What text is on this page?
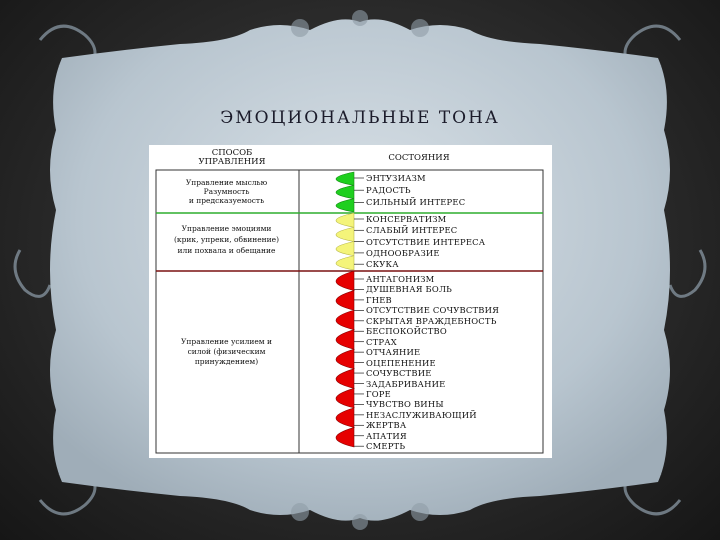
ЭМОЦИОНАЛЬНЫЕ ТОНА
СПОСОБ
УПРАВЛЕНИЯ	СОСТОЯНИЯ
Управление мыслью
Разумность
и предсказуемость
Управление эмоциями
(крик, упреки, обвинение)
или похвала и обещание
Управление усилием и
силой (физическим
принуждением)
ЭНТУЗИАЗМ
РАДОСТЬ
СИЛЬНЫЙ ИНТЕРЕС
КОНСЕРВАТИЗМ
СЛАБЫЙ ИНТЕРЕС
ОТСУТСТВИЕ ИНТЕРЕСА
ОДНООБРАЗИЕ
СКУКА
АНТАГОНИЗМ
ДУШЕВНАЯ БОЛЬ
ГНЕВ
ОТСУТСТВИЕ СОЧУВСТВИЯ
СКРЫТАЯ ВРАЖДЕБНОСТЬ
БЕСПОКОЙСТВО
СТРАХ
ОТЧАЯНИЕ
ОЦЕПЕНЕНИЕ
СОЧУВСТВИЕ
ЗАДАБРИВАНИЕ
ГОРЕ
ЧУВСТВО ВИНЫ
НЕЗАСЛУЖИВАЮЩИЙ
ЖЕРТВА
АПАТИЯ
СМЕРТЬ
